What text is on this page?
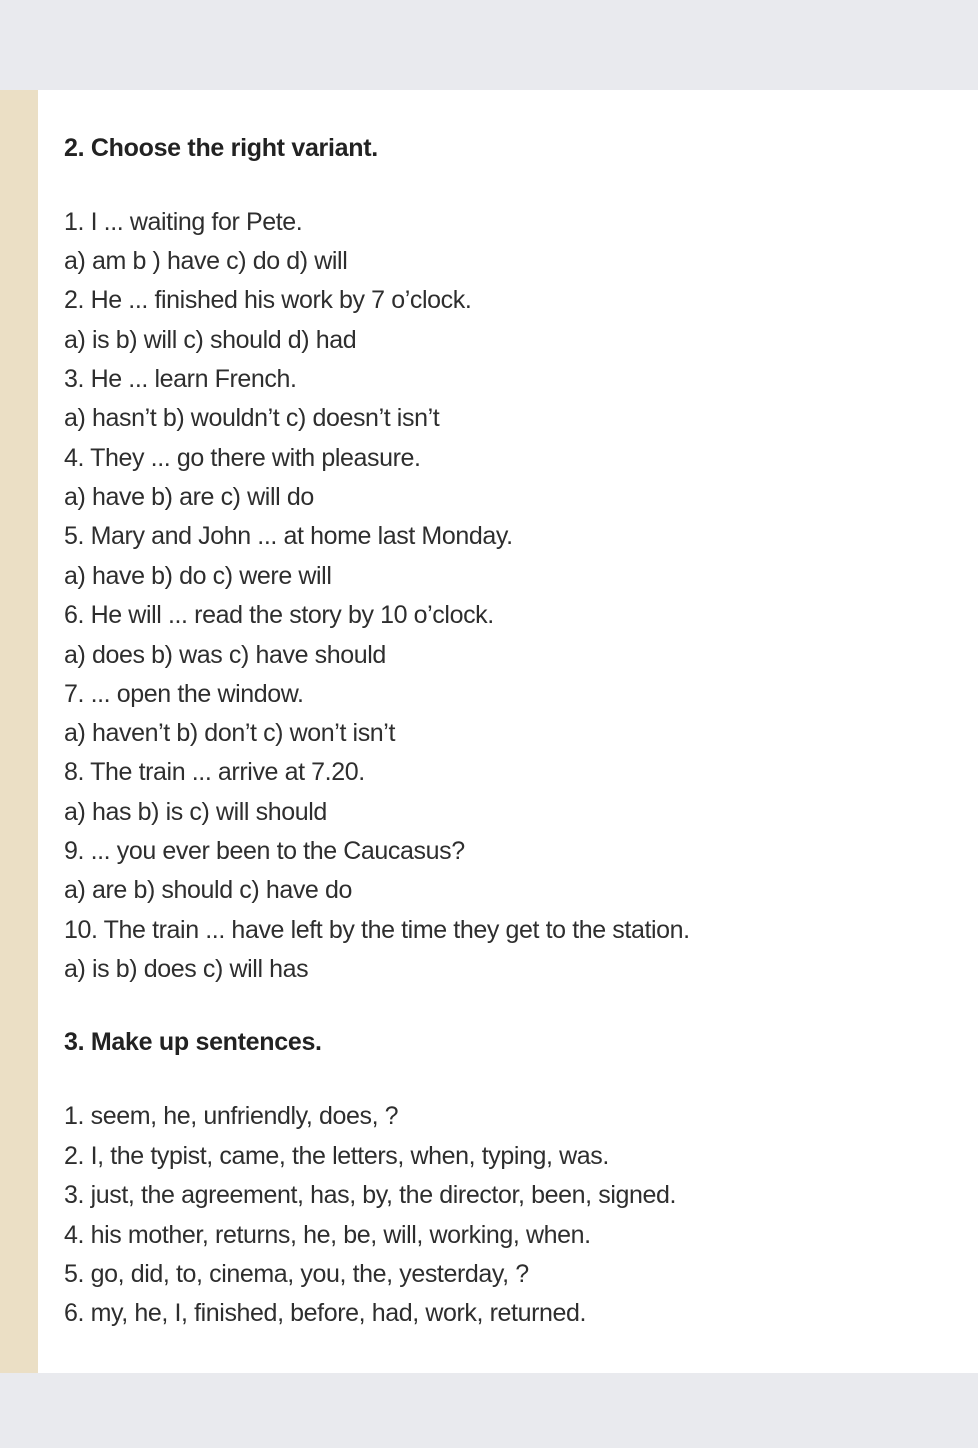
2. Choose the right variant.
1. I ... waiting for Pete.
a) am b ) have c) do d) will
2. He ... finished his work by 7 o’clock.
a) is b) will c) should d) had
3. He ... learn French.
a) hasn’t b) wouldn’t c) doesn’t isn’t
4. They ... go there with pleasure.
a) have b) are c) will do
5. Mary and John ... at home last Monday.
a) have b) do c) were will
6. He will ... read the story by 10 o’clock.
a) does b) was c) have should
7. ... open the window.
a) haven’t b) don’t c) won’t isn’t
8. The train ... arrive at 7.20.
a) has b) is c) will should
9. ... you ever been to the Caucasus?
a) are b) should c) have do
10. The train ... have left by the time they get to the station.
a) is b) does c) will has
3. Make up sentences.
1. seem, he, unfriendly, does, ?
2. I, the typist, came, the letters, when, typing, was.
3. just, the agreement, has, by, the director, been, signed.
4. his mother, returns, he, be, will, working, when.
5. go, did, to, cinema, you, the, yesterday, ?
6. my, he, I, finished, before, had, work, returned.
